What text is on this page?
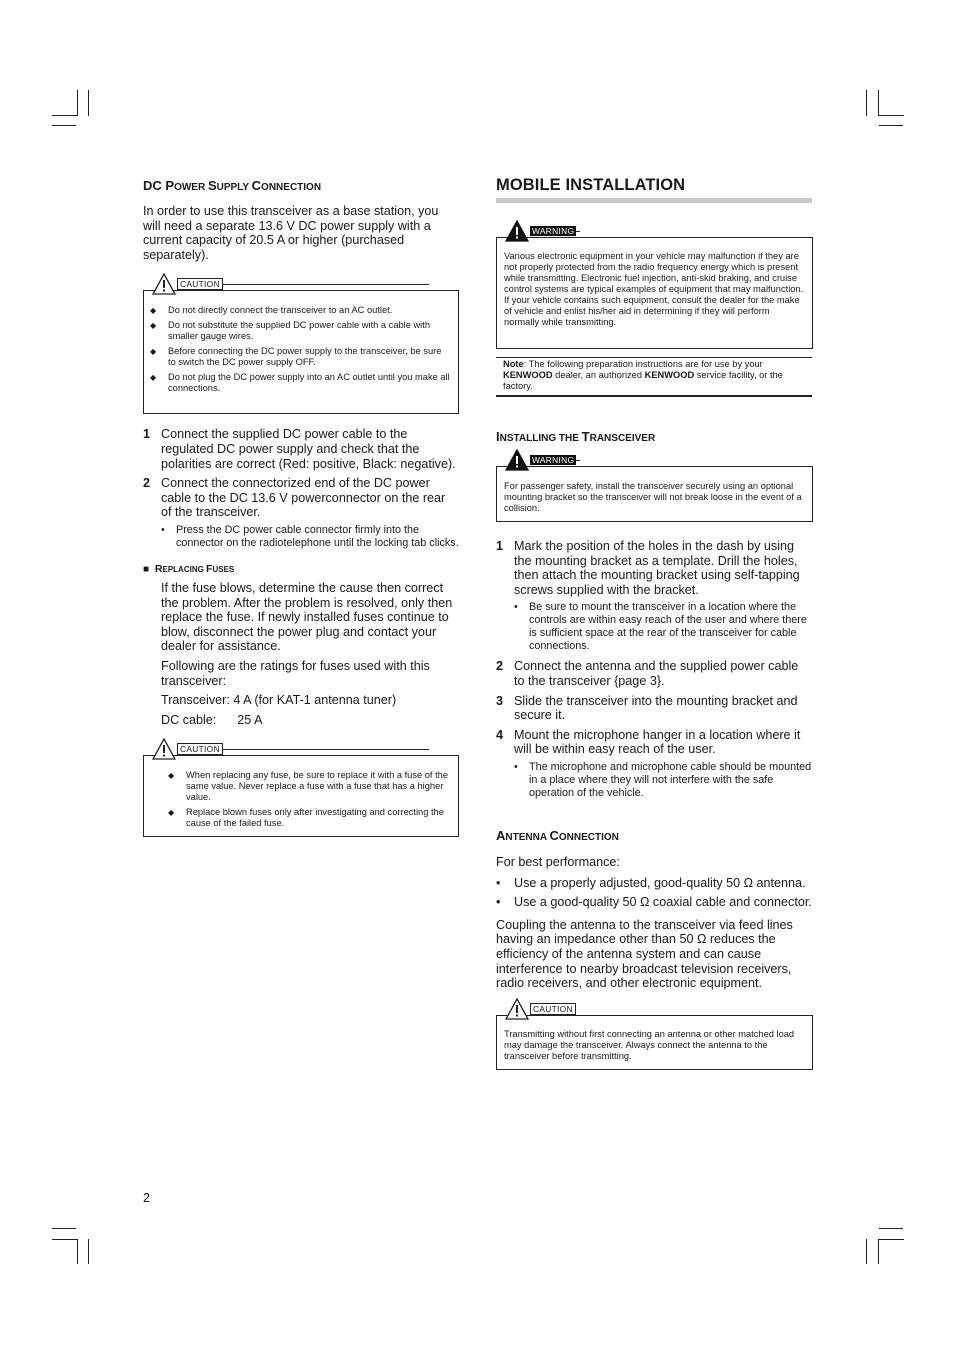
DC POWER SUPPLY CONNECTION

In order to use this transceiver as a base station, you will need a separate 13.6 V DC power supply with a current capacity of 20.5 A or higher (purchased separately).

CAUTION
◆	Do not directly connect the transceiver to an AC outlet.
◆	Do not substitute the supplied DC power cable with a cable with smaller gauge wires.
◆	Before connecting the DC power supply to the transceiver, be sure to switch the DC power supply OFF.
◆	Do not plug the DC power supply into an AC outlet until you make all connections.
1 Connect the supplied DC power cable to the regulated DC power supply and check that the polarities are correct (Red: positive, Black: negative).

2 Connect the connectorized end of the DC power cable to the DC 13.6 V powerconnector on the rear of the transceiver.

•	Press the DC power cable connector firmly into the connector on the radiotelephone until the locking tab clicks.
■ REPLACING FUSES

If the fuse blows, determine the cause then correct the problem. After the problem is resolved, only then replace the fuse. If newly installed fuses continue to blow, disconnect the power plug and contact your dealer for assistance.

Following are the ratings for fuses used with this transceiver:

Transceiver: 4 A (for KAT-1 antenna tuner)

DC cable: 25 A

CAUTION
◆	When replacing any fuse, be sure to replace it with a fuse of the same value. Never replace a fuse with a fuse that has a higher value.
◆	Replace blown fuses only after investigating and correcting the cause of the failed fuse.
MOBILE INSTALLATION
WARNING
Various electronic equipment in your vehicle may malfunction if they are not properly protected from the radio frequency energy which is present while transmitting. Electronic fuel injection, anti-skid braking, and cruise control systems are typical examples of equipment that may malfunction. If your vehicle contains such equipment, consult the dealer for the make of vehicle and enlist his/her aid in determining if they will perform normally while transmitting.
Note: The following preparation instructions are for use by your KENWOOD dealer, an authorized KENWOOD service facility, or the factory.
INSTALLING THE TRANSCEIVER
WARNING
For passenger safety, install the transceiver securely using an optional mounting bracket so the transceiver will not break loose in the event of a collision.
1 Mark the position of the holes in the dash by using the mounting bracket as a template. Drill the holes, then attach the mounting bracket using self-tapping screws supplied with the bracket.

•	Be sure to mount the transceiver in a location where the controls are within easy reach of the user and where there is sufficient space at the rear of the transceiver for cable connections.
2 Connect the antenna and the supplied power cable to the transceiver {page 3}.

3 Slide the transceiver into the mounting bracket and secure it.

4 Mount the microphone hanger in a location where it will be within easy reach of the user.

•	The microphone and microphone cable should be mounted in a place where they will not interfere with the safe operation of the vehicle.
ANTENNA CONNECTION

For best performance:

•	Use a properly adjusted, good-quality 50 Ω antenna.

•	Use a good-quality 50 Ω coaxial cable and connector.

Coupling the antenna to the transceiver via feed lines having an impedance other than 50 Ω reduces the efficiency of the antenna system and can cause interference to nearby broadcast television receivers, radio receivers, and other electronic equipment.

CAUTION
Transmitting without first connecting an antenna or other matched load may damage the transceiver. Always connect the antenna to the transceiver before transmitting.
2
